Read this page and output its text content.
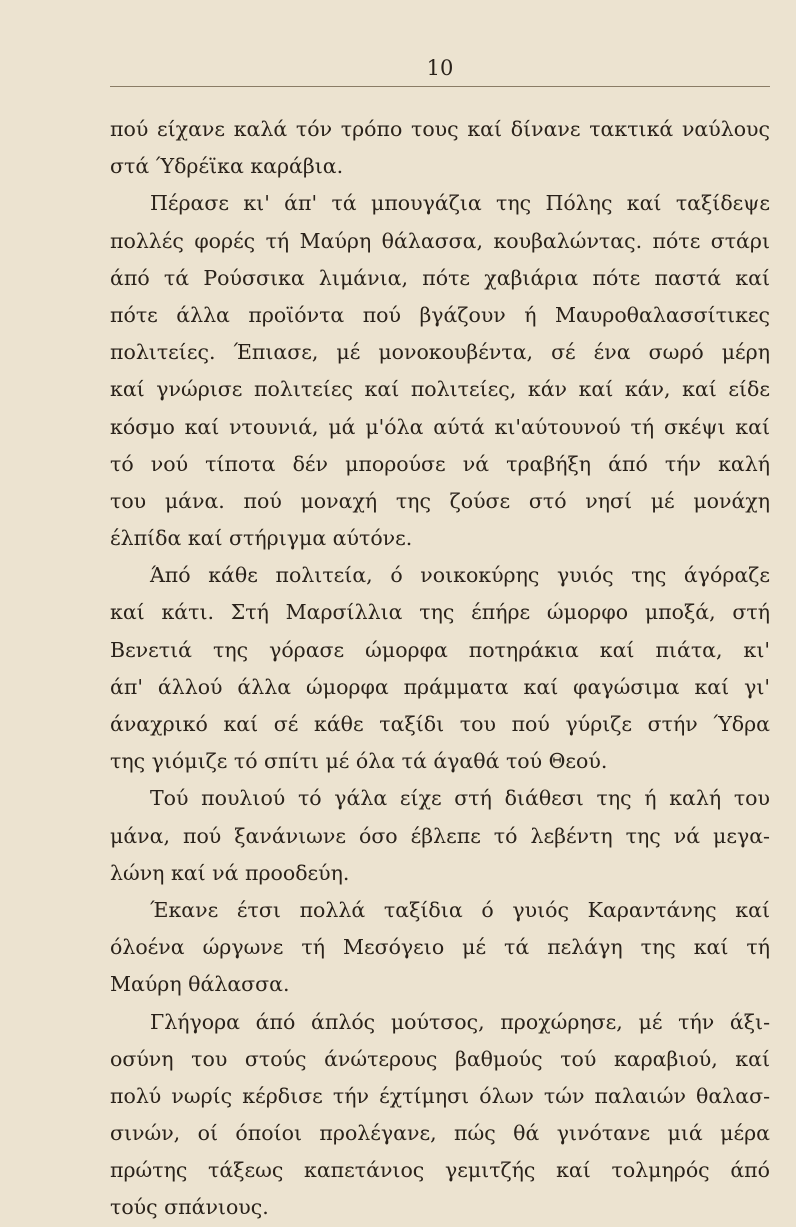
10
πού είχανε καλά τόν τρόπο τους καί δίνανε τακτικά ναύλους
στά Ύδρέϊκα καράβια.
Πέρασε κι' άπ' τά μπουγάζια της Πόλης καί ταξίδεψε
πολλές φορές τή Μαύρη θάλασσα, κουβαλώντας. πότε στάρι
άπό τά Ρούσσικα λιμάνια, πότε χαβιάρια πότε παστά καί
πότε άλλα προϊόντα πού βγάζουν ή Μαυροθαλασσίτικες
πολιτείες. Έπιασε, μέ μονοκουβέντα, σέ ένα σωρό μέρη
καί γνώρισε πολιτείες καί πολιτείες, κάν καί κάν, καί είδε
κόσμο καί ντουνιά, μά μ'όλα αύτά κι'αύτουνού τή σκέψι καί
τό νού τίποτα δέν μπορούσε νά τραβήξη άπό τήν καλή
του μάνα. πού μοναχή της ζούσε στό νησί μέ μονάχη
έλπίδα καί στήριγμα αύτόνε.
Άπό κάθε πολιτεία, ό νοικοκύρης γυιός της άγόραζε
καί κάτι. Στή Μαρσίλλια της έπήρε ώμορφο μποξά, στή
Βενετιά της γόρασε ώμορφα ποτηράκια καί πιάτα, κι'
άπ' άλλού άλλα ώμορφα πράμματα καί φαγώσιμα καί γι'
άναχρικό καί σέ κάθε ταξίδι του πού γύριζε στήν Ύδρα
της γιόμιζε τό σπίτι μέ όλα τά άγαθά τού Θεού.
Τού πουλιού τό γάλα είχε στή διάθεσι της ή καλή του
μάνα, πού ξανάνιωνε όσο έβλεπε τό λεβέντη της νά μεγα-
λώνη καί νά προοδεύη.
Έκανε έτσι πολλά ταξίδια ό γυιός Καραντάνης καί
όλοένα ώργωνε τή Μεσόγειο μέ τά πελάγη της καί τή
Μαύρη θάλασσα.
Γλήγορα άπό άπλός μούτσος, προχώρησε, μέ τήν άξι-
οσύνη του στούς άνώτερους βαθμούς τού καραβιού, καί
πολύ νωρίς κέρδισε τήν έχτίμησι όλων τών παλαιών θαλασ-
σινών, οί όποίοι προλέγανε, πώς θά γινότανε μιά μέρα
πρώτης τάξεως καπετάνιος γεμιτζής καί τολμηρός άπό
τούς σπάνιους.
